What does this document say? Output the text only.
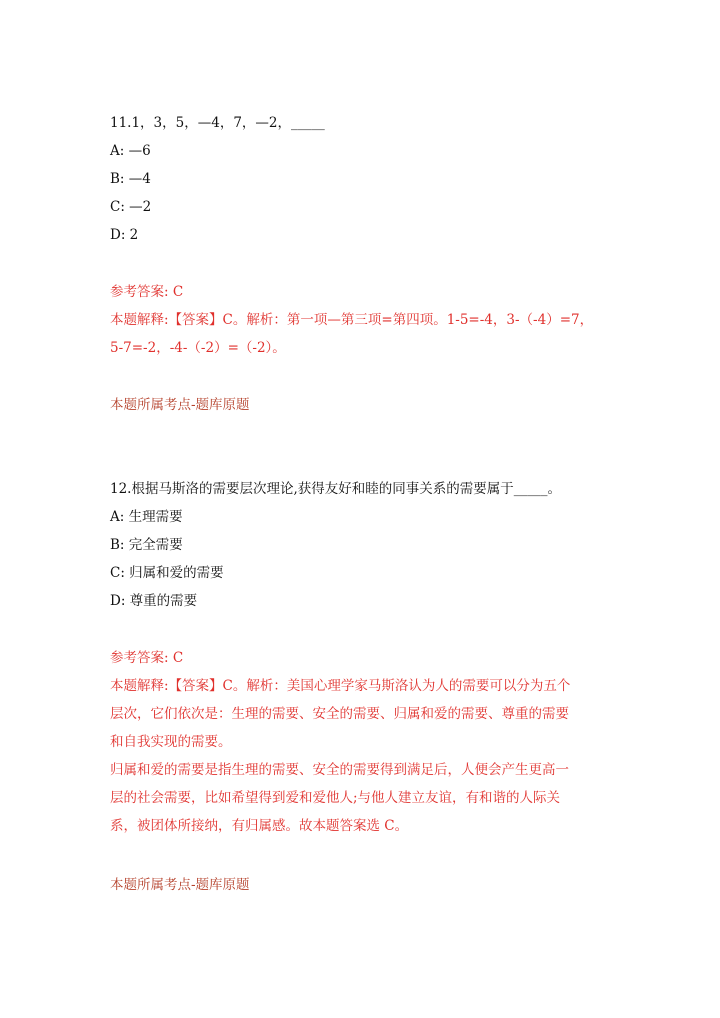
11.1，3，5，—4，7，—2，_____
A: —6
B: —4
C: —2
D: 2
参考答案: C
本题解释:【答案】C。解析：第一项—第三项=第四项。1-5=-4，3-（-4）=7，
5-7=-2，-4-（-2）=（-2）。
本题所属考点-题库原题
12.根据马斯洛的需要层次理论,获得友好和睦的同事关系的需要属于_____。
A: 生理需要
B: 完全需要
C: 归属和爱的需要
D: 尊重的需要
参考答案: C
本题解释:【答案】C。解析：美国心理学家马斯洛认为人的需要可以分为五个
层次，它们依次是：生理的需要、安全的需要、归属和爱的需要、尊重的需要
和自我实现的需要。
归属和爱的需要是指生理的需要、安全的需要得到满足后，人便会产生更高一
层的社会需要，比如希望得到爱和爱他人;与他人建立友谊，有和谐的人际关
系，被团体所接纳，有归属感。故本题答案选 C。
本题所属考点-题库原题
